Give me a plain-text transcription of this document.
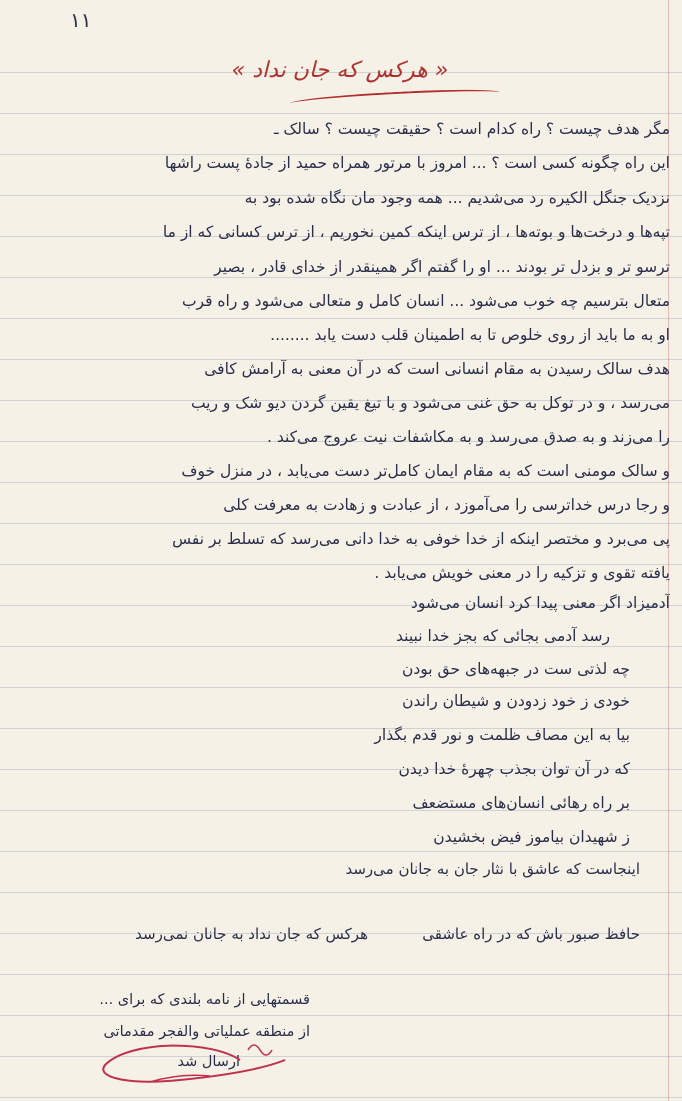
۱۱
« هرکس که جان نداد »
مگر هدف چیست ؟ راه کدام است ؟ حقیقت چیست ؟ سالک ـ
این راه چگونه کسی است ؟ ... امروز با مرتور همراه حمید از جادهٔ پست راشها
نزدیک جنگل الکیره رد می‌شدیم ... همه وجود مان نگاه شده بود به
تپه‌ها و درخت‌ها و بوته‌ها ، از ترس اینکه کمین نخوریم ، از ترس کسانی که از ما
ترسو تر و بزدل تر بودند ... او را گفتم اگر همینقدر از خدای قادر ، بصیر
متعال بترسیم چه خوب می‌شود ... انسان کامل و متعالی می‌شود و راه قرب
او به ما باید از روی خلوص تا به اطمینان قلب دست یابد ........
هدف سالک رسیدن به مقام انسانی است که در آن معنی به آرامش کافی
می‌رسد ، و در توکل به حق غنی می‌شود و با تیغ یقین گردن دیو شک و ریب
را می‌زند و به صدق می‌رسد و به مکاشفات نیت عروج می‌کند .
و سالک مومنی است که به مقام ایمان کامل‌تر دست می‌یابد ، در منزل خوف
و رجا درس خداترسی را می‌آموزد ، از عبادت و زهادت به معرفت کلی
پی می‌برد و مختصر اینکه از خدا خوفی به خدا دانی می‌رسد که تسلط بر نفس
یافته تقوی و تزکیه را در معنی خویش می‌یابد .
آدمیزاد اگر معنی پیدا کرد انسان می‌شود
رسد آدمی بجائی که بجز خدا نبیند
چه لذتی ست در جبهه‌های حق بودن
خودی ز خود زدودن و شیطان راندن
بیا به این مصاف ظلمت و نور قدم بگذار
که در آن توان بجذب چهرهٔ خدا دیدن
بر راه رهائی انسان‌های مستضعف
ز شهیدان بیاموز فیض بخشیدن
اینجاست که عاشق با نثار جان به جانان می‌رسد
حافظ صبور باش که در راه عاشقی
هرکس که جان نداد به جانان نمی‌رسد
قسمتهایی از نامه بلندی که برای ...
از منطقه عملیاتی والفجر مقدماتی
ارسال شد
